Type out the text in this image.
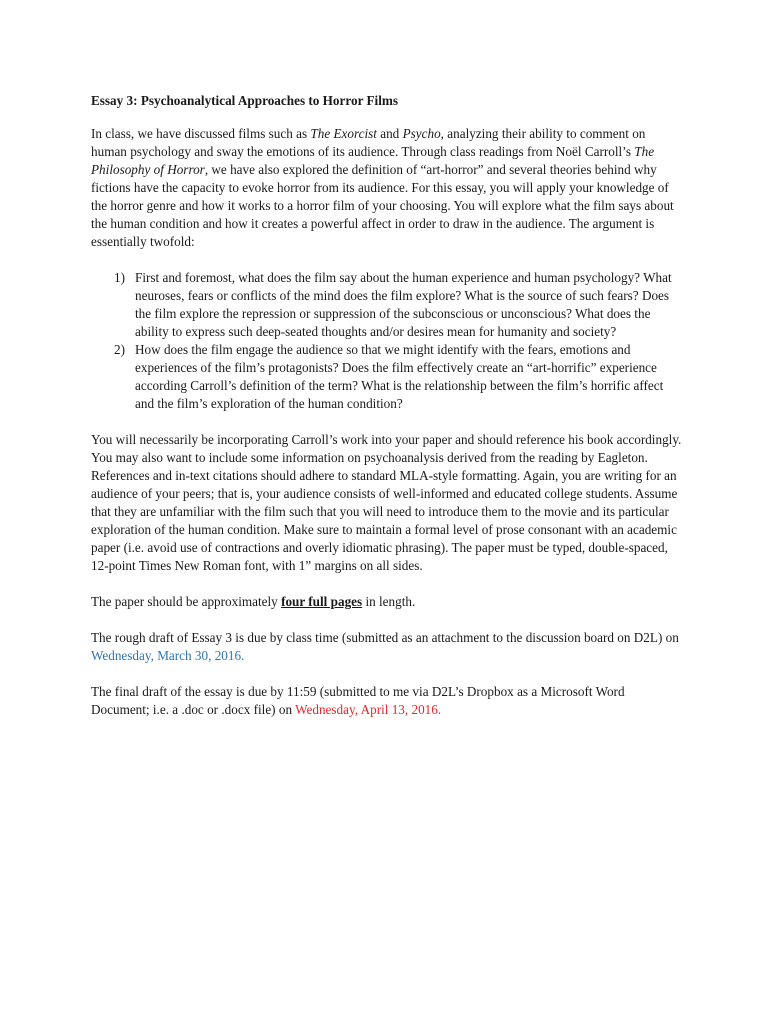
Essay 3: Psychoanalytical Approaches to Horror Films

In class, we have discussed films such as The Exorcist and Psycho, analyzing their ability to comment on human psychology and sway the emotions of its audience. Through class readings from Noël Carroll’s The Philosophy of Horror, we have also explored the definition of “art-horror” and several theories behind why fictions have the capacity to evoke horror from its audience. For this essay, you will apply your knowledge of the horror genre and how it works to a horror film of your choosing. You will explore what the film says about the human condition and how it creates a powerful affect in order to draw in the audience. The argument is essentially twofold:

1) First and foremost, what does the film say about the human experience and human psychology? What neuroses, fears or conflicts of the mind does the film explore? What is the source of such fears? Does the film explore the repression or suppression of the subconscious or unconscious? What does the ability to express such deep-seated thoughts and/or desires mean for humanity and society?
2) How does the film engage the audience so that we might identify with the fears, emotions and experiences of the film’s protagonists? Does the film effectively create an “art-horrific” experience according Carroll’s definition of the term? What is the relationship between the film’s horrific affect and the film’s exploration of the human condition?

You will necessarily be incorporating Carroll’s work into your paper and should reference his book accordingly. You may also want to include some information on psychoanalysis derived from the reading by Eagleton. References and in-text citations should adhere to standard MLA-style formatting. Again, you are writing for an audience of your peers; that is, your audience consists of well-informed and educated college students. Assume that they are unfamiliar with the film such that you will need to introduce them to the movie and its particular exploration of the human condition. Make sure to maintain a formal level of prose consonant with an academic paper (i.e. avoid use of contractions and overly idiomatic phrasing). The paper must be typed, double-spaced, 12-point Times New Roman font, with 1” margins on all sides.

The paper should be approximately four full pages in length.

The rough draft of Essay 3 is due by class time (submitted as an attachment to the discussion board on D2L) on Wednesday, March 30, 2016.

The final draft of the essay is due by 11:59 (submitted to me via D2L’s Dropbox as a Microsoft Word Document; i.e. a .doc or .docx file) on Wednesday, April 13, 2016.
